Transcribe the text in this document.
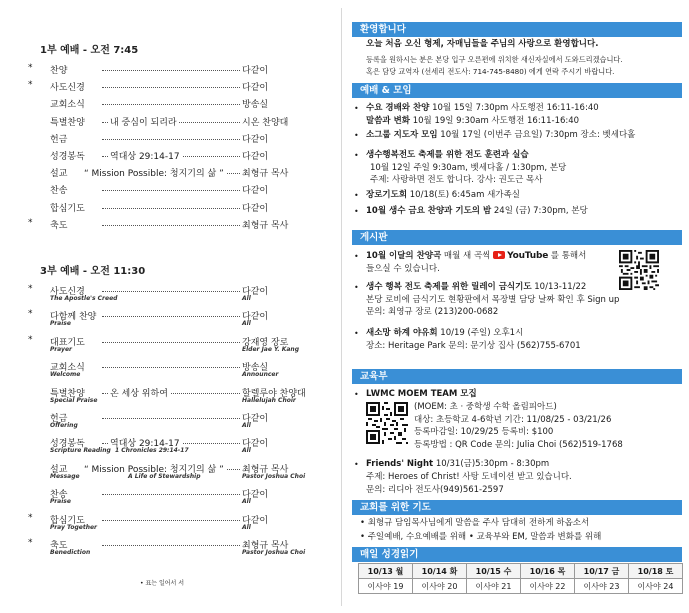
1부 예배 - 오전 7:45
* 찬양	다같이
* 사도신경	다같이
교회소식	방송실
특별찬양	내 중심이 되리라	시온 찬양대
헌금	다같이
성경봉독	역대상 29:14-17	다같이
설교 “ Mission Possible: 청지기의 삶 ” 최형규 목사
찬송	다같이
합심기도	다같이
* 축도	최형규 목사
3부 예배 - 오전 11:30
* 사도신경	다같이
The Apostle's Creed	All
* 다함께 찬양	다같이
Praise	All
* 대표기도	강재영 장로
Prayer	Elder Jae Y. Kang
교회소식	방송실
Welcome	Announcer
특별찬양	온 세상 위하여	할렐루야 찬양대
Special Praise	Hallelujah Choir
헌금	다같이
Offering	All
성경봉독	역대상 29:14-17	다같이
Scripture Reading	All
1 Chronicles 29:14-17
설교 “ Mission Possible: 청지기의 삶 ” 최형규 목사
Message	Pastor Joshua Choi
A Life of Stewardship
찬송	다같이
Praise	All
* 합심기도	다같이
Pray Together	All
* 축도	최형규 목사
Benediction	Pastor Joshua Choi
• 표는 일어서 서
환영합니다
오늘 처음 오신 형제, 자매님들을 주님의 사랑으로 환영합니다.
등록을 원하시는 분은 본당 입구 오른편에 위치한 새신자실에서 도와드리겠습니다.
혹은 담당 교역자 (선세리 전도사: 714-745-8480) 에게 연락 주시기 바랍니다.
예배 & 모임
• 수요 경배와 찬양 10월 15일 7:30pm 사도행전 16:11-16:40
말씀과 변화 10월 19일 9:30am 사도행전 16:11-16:40
• 소그룹 지도자 모임 10월 17일 (이번주 금요일) 7:30pm 장소: 벳세다홀
• 생수행복전도 축제를 위한 전도 훈련과 실습
10월 12일 주일 9:30am, 벳세다홀 / 1:30pm, 본당
주제: 사랑하면 전도 합니다. 강사: 권도근 목사
• 장로기도회 10/18(토) 6:45am 새가족실
• 10월 생수 금요 찬양과 기도의 밤 24일 (금) 7:30pm, 본당
게시판
• 10월 이달의 찬양곡 매월 새 곡씩 YouTube 를 통해서
들으실 수 있습니다.
• 생수 행복 전도 축제를 위한 릴레이 금식기도 10/13-11/22
본당 로비에 금식기도 현황판에서 목장별 담당 날짜 확인 후 Sign up
문의: 최영규 장로 (213)200-0682
• 새소망 하계 야유회 10/19 (주일) 오후1시
장소: Heritage Park 문의: 문기상 집사 (562)755-6701
교육부
• LWMC MOEM TEAM 모집
(MOEM: 초 · 중학생 수학 올림피아드)
대상: 초등학교 4-6학년 기간: 11/08/25 - 03/21/26
등록마감일: 10/29/25 등록비: $100
등록방법 : QR Code 문의: Julia Choi (562)519-1768
• Friends' Night 10/31(금)5:30pm - 8:30pm
주제: Heroes of Christ! 사탕 도네이션 받고 있습니다.
문의: 리디아 전도사(949)561-2597
교회를 위한 기도
• 최형규 담임목사님에게 말씀을 주사 담대히 전하게 하옵소서
• 주일예배, 수요예배를 위해 • 교육부와 EM, 말씀과 변화를 위해
매일 성경읽기
10/13 월	10/14 화	10/15 수	10/16 목	10/17 금	10/18 토
이사야 19	이사야 20	이사야 21	이사야 22	이사야 23	이사야 24
